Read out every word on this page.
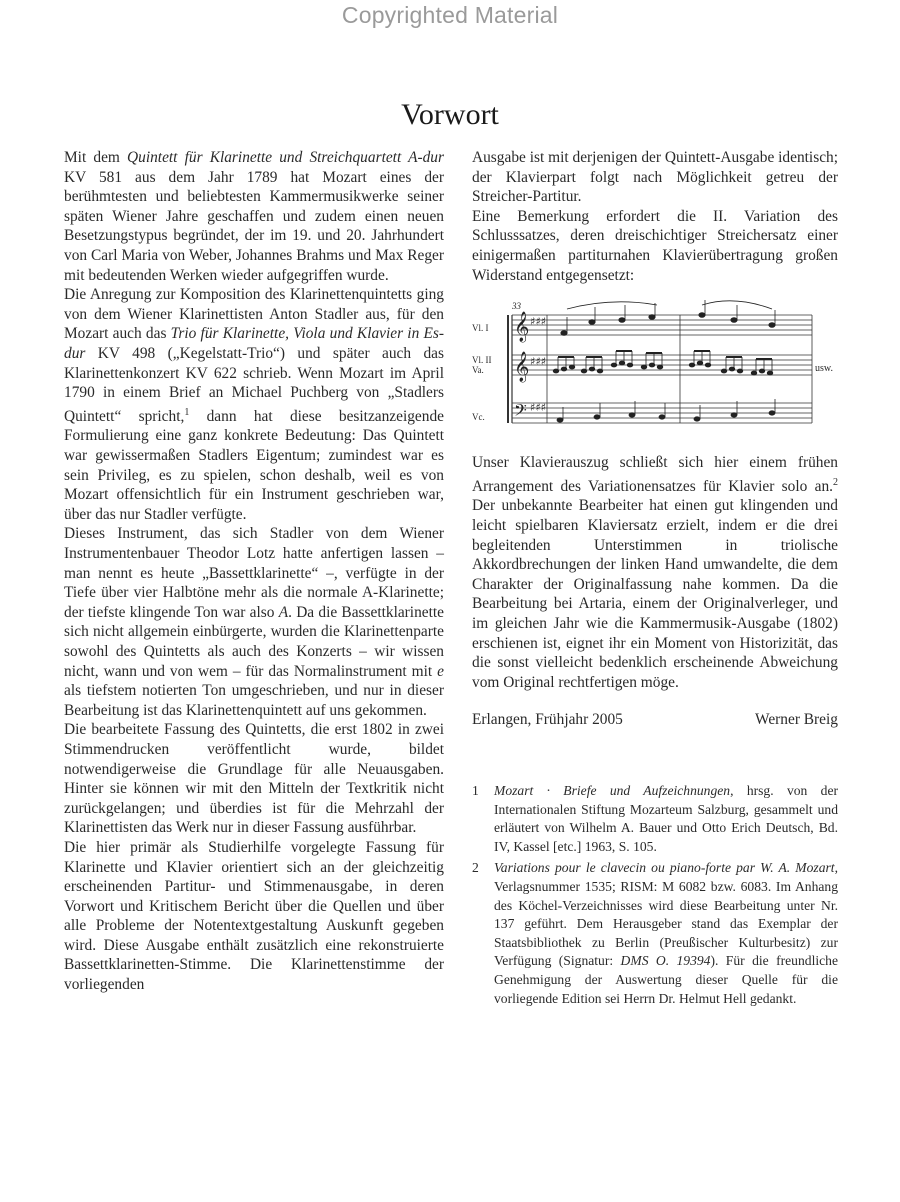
Copyrighted Material
Vorwort

Mit dem Quintett für Klarinette und Streichquartett A-dur KV 581 aus dem Jahr 1789 hat Mozart eines der berühmtesten und beliebtesten Kammermusikwerke seiner späten Wiener Jahre geschaffen und zudem einen neuen Besetzungstypus begründet, der im 19. und 20. Jahrhundert von Carl Maria von Weber, Johannes Brahms und Max Reger mit bedeutenden Werken wieder aufgegriffen wurde.

Die Anregung zur Komposition des Klarinettenquintetts ging von dem Wiener Klarinettisten Anton Stadler aus, für den Mozart auch das Trio für Klarinette, Viola und Klavier in Es-dur KV 498 („Kegelstatt-Trio“) und später auch das Klarinettenkonzert KV 622 schrieb. Wenn Mozart im April 1790 in einem Brief an Michael Puchberg von „Stadlers Quintett“ spricht,$^1$ dann hat diese besitzanzeigende Formulierung eine ganz konkrete Bedeutung: Das Quintett war gewissermaßen Stadlers Eigentum; zumindest war es sein Privileg, es zu spielen, schon deshalb, weil es von Mozart offensichtlich für ein Instrument geschrieben war, über das nur Stadler verfügte.

Dieses Instrument, das sich Stadler von dem Wiener Instrumentenbauer Theodor Lotz hatte anfertigen lassen – man nennt es heute „Bassettklarinette“ –, verfügte in der Tiefe über vier Halbtöne mehr als die normale A-Klarinette; der tiefste klingende Ton war also A. Da die Bassettklarinette sich nicht allgemein einbürgerte, wurden die Klarinettenparte sowohl des Quintetts als auch des Konzerts – wir wissen nicht, wann und von wem – für das Normalinstrument mit e als tiefstem notierten Ton umgeschrieben, und nur in dieser Bearbeitung ist das Klarinettenquintett auf uns gekommen.

Die bearbeitete Fassung des Quintetts, die erst 1802 in zwei Stimmendrucken veröffentlicht wurde, bildet notwendigerweise die Grundlage für alle Neuausgaben. Hinter sie können wir mit den Mitteln der Textkritik nicht zurückgelangen; und überdies ist für die Mehrzahl der Klarinettisten das Werk nur in dieser Fassung ausführbar.

Die hier primär als Studierhilfe vorgelegte Fassung für Klarinette und Klavier orientiert sich an der gleichzeitig erscheinenden Partitur- und Stimmenausgabe, in deren Vorwort und Kritischem Bericht über die Quellen und über alle Probleme der Notentextgestaltung Auskunft gegeben wird. Diese Ausgabe enthält zusätzlich eine rekonstruierte Bassettklarinetten-Stimme. Die Klarinettenstimme der vorliegenden

Ausgabe ist mit derjenigen der Quintett-Ausgabe identisch; der Klavierpart folgt nach Möglichkeit getreu der Streicher-Partitur.

Eine Bemerkung erfordert die II. Variation des Schlusssatzes, deren dreischichtiger Streichersatz einer einigermaßen partiturnahen Klavierübertragung großen Widerstand entgegensetzt:

𝄞
𝄞
𝄢
♯♯♯
♯♯♯
♯♯♯
33
Vl. I
Vl. II
Va.
Vc.
usw.

Unser Klavierauszug schließt sich hier einem frühen Arrangement des Variationensatzes für Klavier solo an.$^2$ Der unbekannte Bearbeiter hat einen gut klingenden und leicht spielbaren Klaviersatz erzielt, indem er die drei begleitenden Unterstimmen in triolische Akkordbrechungen der linken Hand umwandelte, die dem Charakter der Originalfassung nahe kommen. Da die Bearbeitung bei Artaria, einem der Originalverleger, und im gleichen Jahr wie die Kammermusik-Ausgabe (1802) erschienen ist, eignet ihr ein Moment von Historizität, das die sonst vielleicht bedenklich erscheinende Abweichung vom Original rechtfertigen möge.

Erlangen, Frühjahr 2005	Werner Breig
1	Mozart · Briefe und Aufzeichnungen, hrsg. von der Internationalen Stiftung Mozarteum Salzburg, gesammelt und erläutert von Wilhelm A. Bauer und Otto Erich Deutsch, Bd. IV, Kassel [etc.] 1963, S. 105.
2	Variations pour le clavecin ou piano-forte par W. A. Mozart, Verlagsnummer 1535; RISM: M 6082 bzw. 6083. Im Anhang des Köchel-Verzeichnisses wird diese Bearbeitung unter Nr. 137 geführt. Dem Herausgeber stand das Exemplar der Staatsbibliothek zu Berlin (Preußischer Kulturbesitz) zur Verfügung (Signatur: DMS O. 19394). Für die freundliche Genehmigung der Auswertung dieser Quelle für die vorliegende Edition sei Herrn Dr. Helmut Hell gedankt.
